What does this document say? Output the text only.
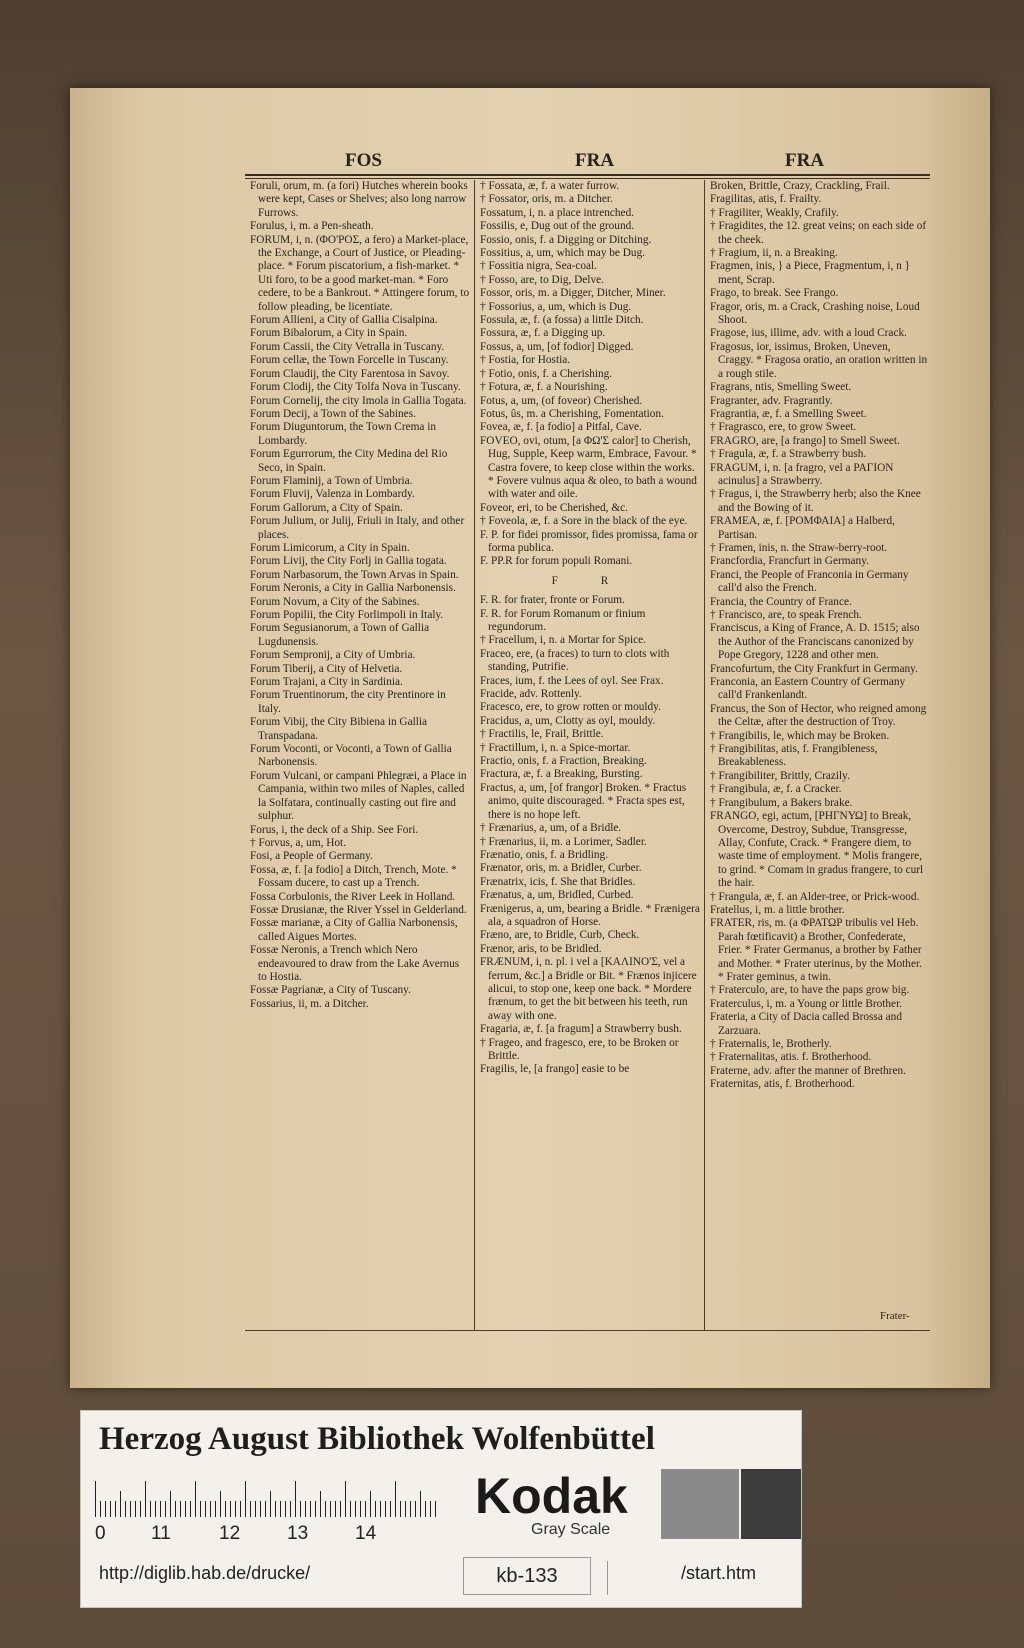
FOS	FRA	FRA

Foruli, orum, m. (a fori) Hutches wherein books were kept, Cases or Shelves; also long narrow Furrows.

Forulus, i, m. a Pen-sheath.

FORUM, i, n. (ΦΟ'ΡΟΣ, a fero) a Market-place, the Exchange, a Court of Justice, or Pleading-place. * Forum piscatorium, a fish-market. * Uti foro, to be a good market-man. * Foro cedere, to be a Bankrout. * Attingere forum, to follow pleading, be licentiate.

Forum Allieni, a City of Gallia Cisalpina.

Forum Bibalorum, a City in Spain.

Forum Cassii, the City Vetralla in Tuscany.

Forum cellæ, the Town Forcelle in Tuscany.

Forum Claudij, the City Farentosa in Savoy.

Forum Clodij, the City Tolfa Nova in Tuscany.

Forum Cornelij, the city Imola in Gallia Togata.

Forum Decij, a Town of the Sabines.

Forum Diuguntorum, the Town Crema in Lombardy.

Forum Egurrorum, the City Medina del Rio Seco, in Spain.

Forum Flaminij, a Town of Umbria.

Forum Fluvij, Valenza in Lombardy.

Forum Gallorum, a City of Spain.

Forum Julium, or Julij, Friuli in Italy, and other places.

Forum Limicorum, a City in Spain.

Forum Livij, the City Forlj in Gallia togata.

Forum Narbasorum, the Town Arvas in Spain.

Forum Neronis, a City in Gallia Narbonensis.

Forum Novum, a City of the Sabines.

Forum Popilii, the City Forlimpoli in Italy.

Forum Segusianorum, a Town of Gallia Lugdunensis.

Forum Sempronij, a City of Umbria.

Forum Tiberij, a City of Helvetia.

Forum Trajani, a City in Sardinia.

Forum Truentinorum, the city Prentinore in Italy.

Forum Vibij, the City Bibiena in Gallia Transpadana.

Forum Voconti, or Voconti, a Town of Gallia Narbonensis.

Forum Vulcani, or campani Phlegræi, a Place in Campania, within two miles of Naples, called la Solfatara, continually casting out fire and sulphur.

Forus, i, the deck of a Ship. See Fori.

† Forvus, a, um, Hot.

Fosi, a People of Germany.

Fossa, æ, f. [a fodio] a Ditch, Trench, Mote. * Fossam ducere, to cast up a Trench.

Fossa Corbulonis, the River Leek in Holland.

Fossæ Drusianæ, the River Yssel in Gelderland.

Fossæ marianæ, a City of Gallia Narbonensis, called Aigues Mortes.

Fossæ Neronis, a Trench which Nero endeavoured to draw from the Lake Avernus to Hostia.

Fossæ Pagrianæ, a City of Tuscany.

Fossarius, ii, m. a Ditcher.

† Fossata, æ, f. a water furrow.

† Fossator, oris, m. a Ditcher.

Fossatum, i, n. a place intrenched.

Fossilis, e, Dug out of the ground.

Fossio, onis, f. a Digging or Ditching.

Fossitius, a, um, which may be Dug.

† Fossitia nigra, Sea-coal.

† Fosso, are, to Dig, Delve.

Fossor, oris, m. a Digger, Ditcher, Miner.

† Fossorius, a, um, which is Dug.

Fossula, æ, f. (a fossa) a little Ditch.

Fossura, æ, f. a Digging up.

Fossus, a, um, [of fodior] Digged.

† Fostia, for Hostia.

† Fotio, onis, f. a Cherishing.

† Fotura, æ, f. a Nourishing.

Fotus, a, um, (of foveor) Cherished.

Fotus, ûs, m. a Cherishing, Fomentation.

Fovea, æ, f. [a fodio] a Pitfal, Cave.

FOVEO, ovi, otum, [a ΦΩ'Σ calor] to Cherish, Hug, Supple, Keep warm, Embrace, Favour. * Castra fovere, to keep close within the works. * Fovere vulnus aqua & oleo, to bath a wound with water and oile.

Foveor, eri, to be Cherished, &c.

† Foveola, æ, f. a Sore in the black of the eye.

F. P. for fidei promissor, fides promissa, fama or forma publica.

F. PP.R for forum populi Romani.

F R

F. R. for frater, fronte or Forum.

F. R. for Forum Romanum or finium regundorum.

† Fracellum, i, n. a Mortar for Spice.

Fraceo, ere, (a fraces) to turn to clots with standing, Putrifie.

Fraces, ium, f. the Lees of oyl. See Frax.

Fracide, adv. Rottenly.

Fracesco, ere, to grow rotten or mouldy.

Fracidus, a, um, Clotty as oyl, mouldy.

† Fractilis, le, Frail, Brittle.

† Fractillum, i, n. a Spice-mortar.

Fractio, onis, f. a Fraction, Breaking.

Fractura, æ, f. a Breaking, Bursting.

Fractus, a, um, [of frangor] Broken. * Fractus animo, quite discouraged. * Fracta spes est, there is no hope left.

† Frænarius, a, um, of a Bridle.

† Frænarius, ii, m. a Lorimer, Sadler.

Frænatio, onis, f. a Bridling.

Frænator, oris, m. a Bridler, Curber.

Frænatrix, icis, f. She that Bridles.

Frænatus, a, um, Bridled, Curbed.

Frænigerus, a, um, bearing a Bridle. * Frænigera ala, a squadron of Horse.

Fræno, are, to Bridle, Curb, Check.

Frænor, aris, to be Bridled.

FRÆNUM, i, n. pl. i vel a [KAΛΙΝΟ'Σ, vel a ferrum, &c.] a Bridle or Bit. * Frænos injicere alicui, to stop one, keep one back. * Mordere frænum, to get the bit between his teeth, run away with one.

Fragaria, æ, f. [a fragum] a Strawberry bush.

† Frageo, and fragesco, ere, to be Broken or Brittle.

Fragilis, le, [a frango] easie to be

Broken, Brittle, Crazy, Crackling, Frail.

Fragilitas, atis, f. Frailty.

† Fragiliter, Weakly, Crafily.

† Fragidites, the 12. great veins; on each side of the cheek.

† Fragium, ii, n. a Breaking.

Fragmen, inis, } a Piece, Fragmentum, i, n } ment, Scrap.

Frago, to break. See Frango.

Fragor, oris, m. a Crack, Crashing noise, Loud Shoot.

Fragose, ius, illime, adv. with a loud Crack.

Fragosus, ior, issimus, Broken, Uneven, Craggy. * Fragosa oratio, an oration written in a rough stile.

Fragrans, ntis, Smelling Sweet.

Fragranter, adv. Fragrantly.

Fragrantia, æ, f. a Smelling Sweet.

† Fragrasco, ere, to grow Sweet.

FRAGRO, are, [a frango] to Smell Sweet.

† Fragula, æ, f. a Strawberry bush.

FRAGUM, i, n. [a fragro, vel a ΡΑΓΙΟΝ acinulus] a Strawberry.

† Fragus, i, the Strawberry herb; also the Knee and the Bowing of it.

FRAMEA, æ, f. [ΡΟΜΦΑΙΑ] a Halberd, Partisan.

† Framen, inis, n. the Straw-berry-root.

Francfordia, Francfurt in Germany.

Franci, the People of Franconia in Germany call'd also the French.

Francia, the Country of France.

† Francisco, are, to speak French.

Franciscus, a King of France, A. D. 1515; also the Author of the Franciscans canonized by Pope Gregory, 1228 and other men.

Francofurtum, the City Frankfurt in Germany.

Franconia, an Eastern Country of Germany call'd Frankenlandt.

Francus, the Son of Hector, who reigned among the Celtæ, after the destruction of Troy.

† Frangibilis, le, which may be Broken.

† Frangibilitas, atis, f. Frangibleness, Breakableness.

† Frangibiliter, Brittly, Crazily.

† Frangibula, æ, f. a Cracker.

† Frangibulum, a Bakers brake.

FRANGO, egi, actum, [ΡΗΓΝΥΩ] to Break, Overcome, Destroy, Subdue, Transgresse, Allay, Confute, Crack. * Frangere diem, to waste time of employment. * Molis frangere, to grind. * Comam in gradus frangere, to curl the hair.

† Frangula, æ, f. an Alder-tree, or Prick-wood.

Fratellus, i, m. a little brother.

FRATER, ris, m. (a ΦΡΑΤΩΡ tribulis vel Heb. Parah fœtificavit) a Brother, Confederate, Frier. * Frater Germanus, a brother by Father and Mother. * Frater uterinus, by the Mother. * Frater geminus, a twin.

† Fraterculo, are, to have the paps grow big.

Fraterculus, i, m. a Young or little Brother.

Frateria, a City of Dacia called Brossa and Zarzuara.

† Fraternalis, le, Brotherly.

† Fraternalitas, atis. f. Brotherhood.

Fraterne, adv. after the manner of Brethren.

Fraternitas, atis, f. Brotherhood.

Frater-
Herzog August Bibliothek Wolfenbüttel
0 11	12 13 14
Kodak
Gray Scale
http://diglib.hab.de/drucke/	kb-133	/start.htm
